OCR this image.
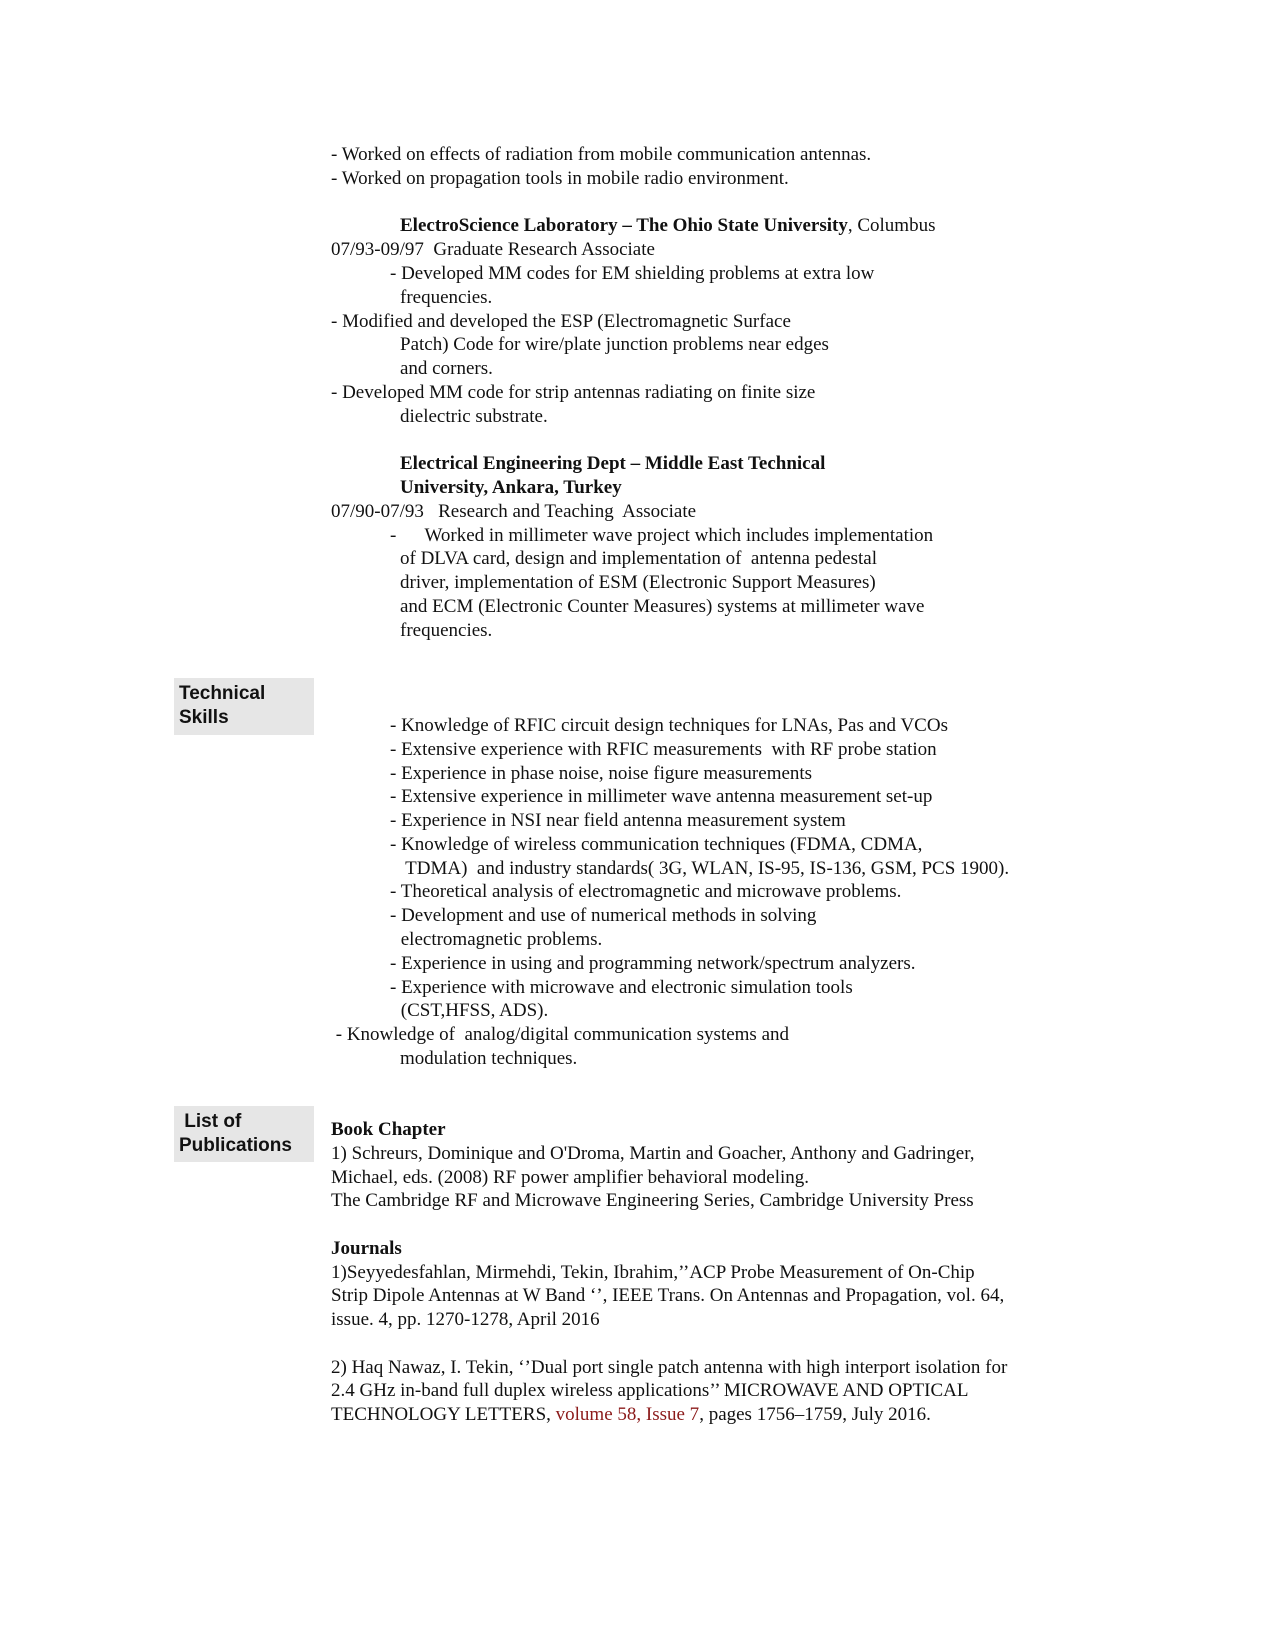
- Worked on effects of radiation from mobile communication antennas.
- Worked on propagation tools in mobile radio environment.
ElectroScience Laboratory – The Ohio State University, Columbus
07/93-09/97  Graduate Research Associate
- Developed MM codes for EM shielding problems at extra low
frequencies.
- Modified and developed the ESP (Electromagnetic Surface
Patch) Code for wire/plate junction problems near edges
and corners.
- Developed MM code for strip antennas radiating on finite size
dielectric substrate.
Electrical Engineering Dept – Middle East Technical
University, Ankara, Turkey
07/90-07/93   Research and Teaching  Associate
-      Worked in millimeter wave project which includes implementation
of DLVA card, design and implementation of  antenna pedestal
driver, implementation of ESM (Electronic Support Measures)
and ECM (Electronic Counter Measures) systems at millimeter wave
frequencies.
Technical
Skills	- Knowledge of RFIC circuit design techniques for LNAs, Pas and VCOs
- Extensive experience with RFIC measurements  with RF probe station
- Experience in phase noise, noise figure measurements
- Extensive experience in millimeter wave antenna measurement set-up
- Experience in NSI near field antenna measurement system
- Knowledge of wireless communication techniques (FDMA, CDMA,
TDMA)  and industry standards( 3G, WLAN, IS-95, IS-136, GSM, PCS 1900).
- Theoretical analysis of electromagnetic and microwave problems.
- Development and use of numerical methods in solving
electromagnetic problems.
- Experience in using and programming network/spectrum analyzers.
- Experience with microwave and electronic simulation tools
(CST,HFSS, ADS).
- Knowledge of  analog/digital communication systems and
modulation techniques.
List of
Publications
Book Chapter
1) Schreurs, Dominique and O'Droma, Martin and Goacher, Anthony and Gadringer,
Michael, eds. (2008) RF power amplifier behavioral modeling.
The Cambridge RF and Microwave Engineering Series, Cambridge University Press
Journals
1)Seyyedesfahlan, Mirmehdi, Tekin, Ibrahim,’’ACP Probe Measurement of On-Chip
Strip Dipole Antennas at W Band ‘’, IEEE Trans. On Antennas and Propagation, vol. 64,
issue. 4, pp. 1270-1278, April 2016
2) Haq Nawaz, I. Tekin, ‘’Dual port single patch antenna with high interport isolation for
2.4 GHz in-band full duplex wireless applications’’ MICROWAVE AND OPTICAL
TECHNOLOGY LETTERS, volume 58, Issue 7, pages 1756–1759, July 2016.
